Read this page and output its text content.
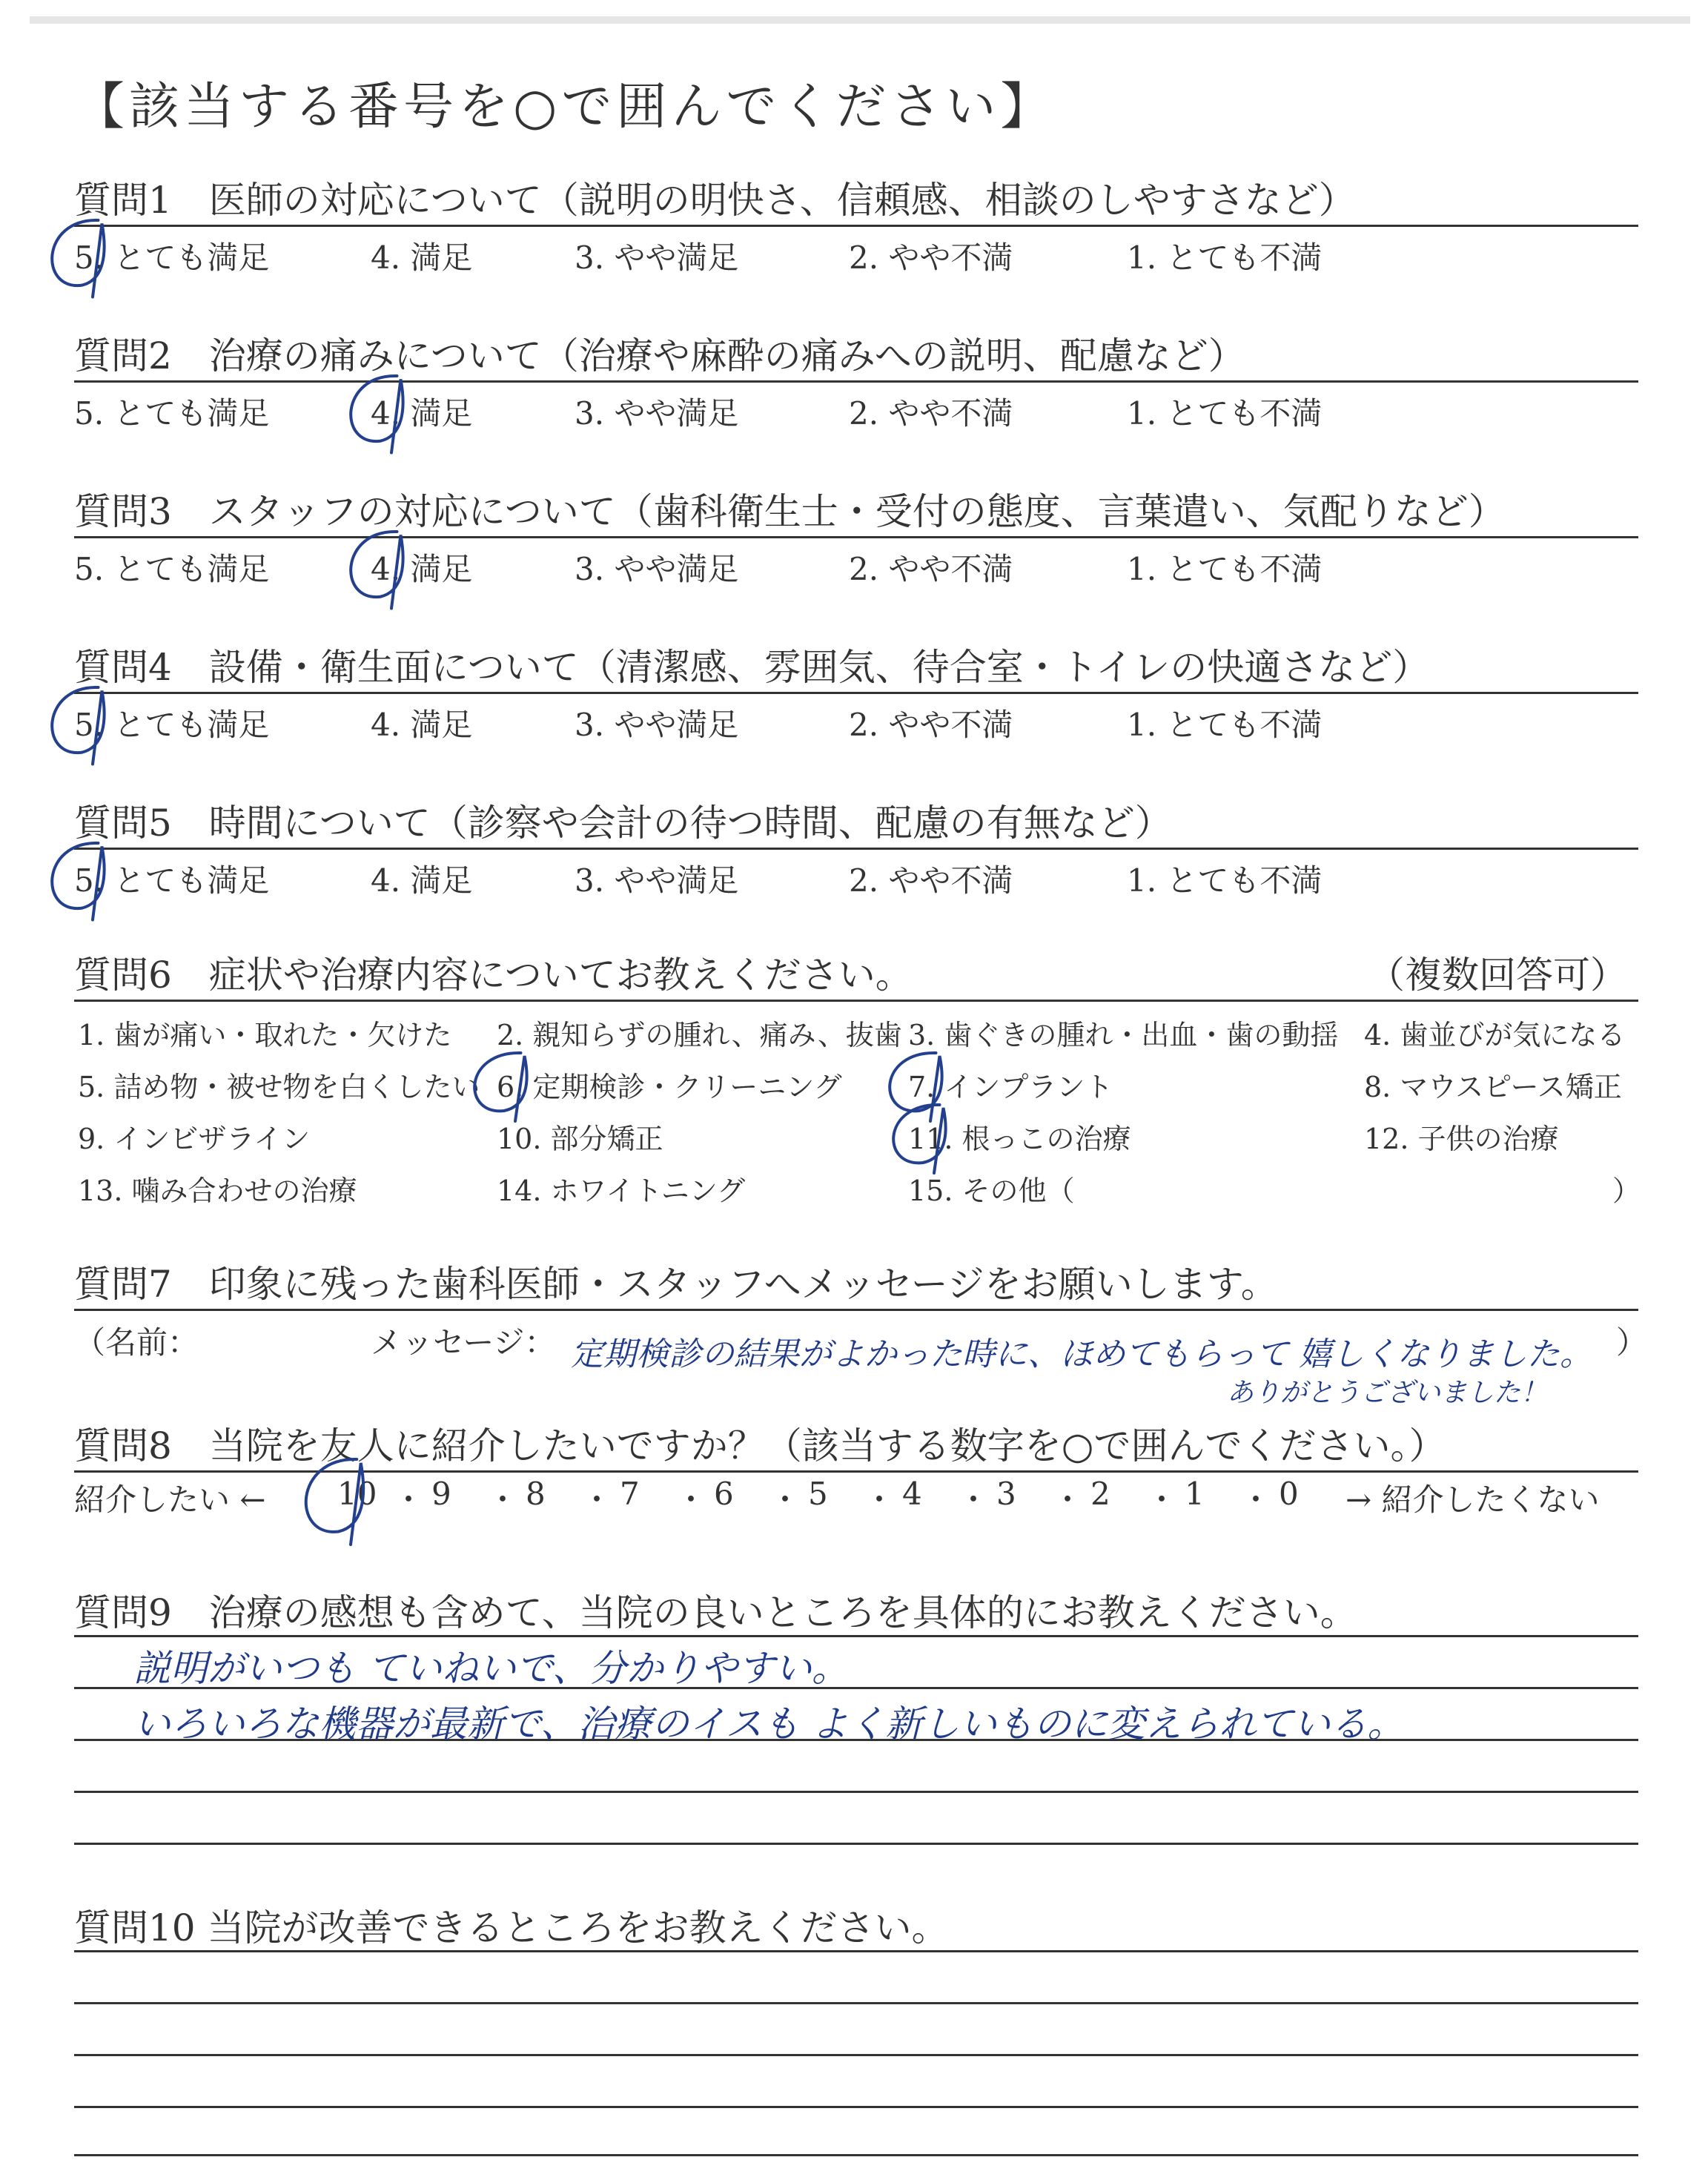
【該当する番号を○で囲んでください】
質問1　医師の対応について（説明の明快さ、信頼感、相談のしやすさなど）
5. とても満足	4. 満足	3. やや満足	2. やや不満	1. とても不満
質問2　治療の痛みについて（治療や麻酔の痛みへの説明、配慮など）
5. とても満足	4. 満足	3. やや満足	2. やや不満	1. とても不満
質問3　スタッフの対応について（歯科衛生士・受付の態度、言葉遣い、気配りなど）
5. とても満足	4. 満足	3. やや満足	2. やや不満	1. とても不満
質問4　設備・衛生面について（清潔感、雰囲気、待合室・トイレの快適さなど）
5. とても満足	4. 満足	3. やや満足	2. やや不満	1. とても不満
質問5　時間について（診察や会計の待つ時間、配慮の有無など）
5. とても満足	4. 満足	3. やや満足	2. やや不満	1. とても不満
質問6　症状や治療内容についてお教えください。	（複数回答可）
1. 歯が痛い・取れた・欠けた 2. 親知らずの腫れ、痛み、抜歯 3. 歯ぐきの腫れ・出血・歯の動揺 4. 歯並びが気になる
5. 詰め物・被せ物を白くしたい 6. 定期検診・クリーニング 7. インプラント	8. マウスピース矯正
9. インビザライン	10. 部分矯正	11. 根っこの治療	12. 子供の治療
13. 噛み合わせの治療	14. ホワイトニング	15. その他（	）
質問7　印象に残った歯科医師・スタッフへメッセージをお願いします。
（名前：	メッセージ：	）
定期検診の結果がよかった時に、ほめてもらって 嬉しくなりました。
ありがとうございました！
質問8　当院を友人に紹介したいですか？（該当する数字を○で囲んでください。）
紹介したい ←	→ 紹介したくない
10 ・ 9 ・ 8 ・ 7 ・ 6 ・ 5 ・ 4 ・ 3 ・ 2 ・ 1 ・ 0
質問9　治療の感想も含めて、当院の良いところを具体的にお教えください。
説明がいつも ていねいで、分かりやすい。
いろいろな機器が最新で、治療のイスも よく新しいものに変えられている。
質問10 当院が改善できるところをお教えください。
